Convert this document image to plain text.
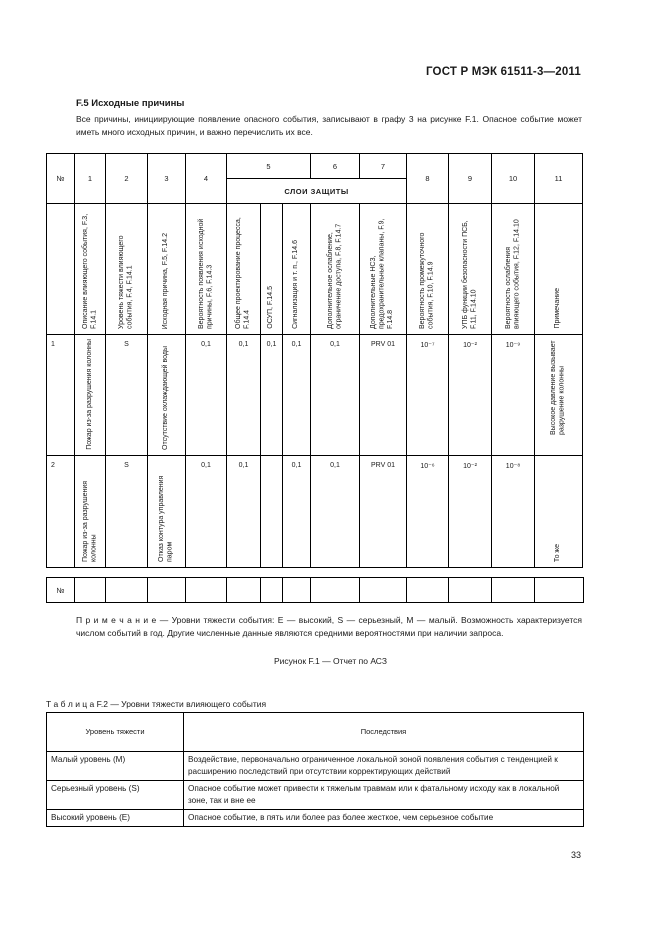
ГОСТ Р МЭК 61511-3—2011
F.5 Исходные причины
Все причины, инициирующие появление опасного события, записывают в графу 3 на рисунке F.1. Опасное событие может иметь много исходных причин, и важно перечислить их все.
№	1	2	3	4	5			6	7	8	9	10	11
					СЛОИ ЗАЩИТЫ								
	Описание влияющего события, F.3, F.14.1	Уровень тяжести влияющего события, F.4, F.14.1	Исходная причина, F.5, F.14.2	Вероятность появления исходной причины, F.6, F.14.3	Общее проектирование процесса, F.14.4	ОСУП, F.14.5	Сигнализация и т. п., F.14.6	Дополнительное ослабление, ограничение доступа, F.8, F.14.7	Дополнительные НСЗ, предохранительные клапаны, F.9, F.14.8	Вероятность промежуточного события, F.10, F.14.9	УПБ функции безопасности ПСБ, F.11, F.14.10	Вероятность ослабления влияющего события, F.12, F.14.10	Примечание
1	Пожар из-за разрушения колонны	S	Отсутствие охлаждающей воды	0,1	0,1	0,1	0,1	0,1	PRV 01	10⁻⁷	10⁻²	10⁻⁹	Высокое давление вызывает разрушение колонны
2	Пожар из-за разрушения колонны	S	Отказ контура управления паром	0,1	0,1		0,1	0,1	PRV 01	10⁻⁶	10⁻²	10⁻⁸	То же
№													
П р и м е ч а н и е — Уровни тяжести события: Е — высокий, S — серьезный, М — малый. Возможность характеризуется числом событий в год. Другие численные данные являются средними вероятностями при наличии запроса.
Рисунок F.1 — Отчет по АСЗ
Т а б л и ц а F.2 — Уровни тяжести влияющего события
Уровень тяжести	Последствия
Малый уровень (М)	Воздействие, первоначально ограниченное локальной зоной появления события с тенденцией к расширению последствий при отсутствии корректирующих действий
Серьезный уровень (S)	Опасное событие может привести к тяжелым травмам или к фатальному исходу как в локальной зоне, так и вне ее
Высокий уровень (Е)	Опасное событие, в пять или более раз более жесткое, чем серьезное событие
33
